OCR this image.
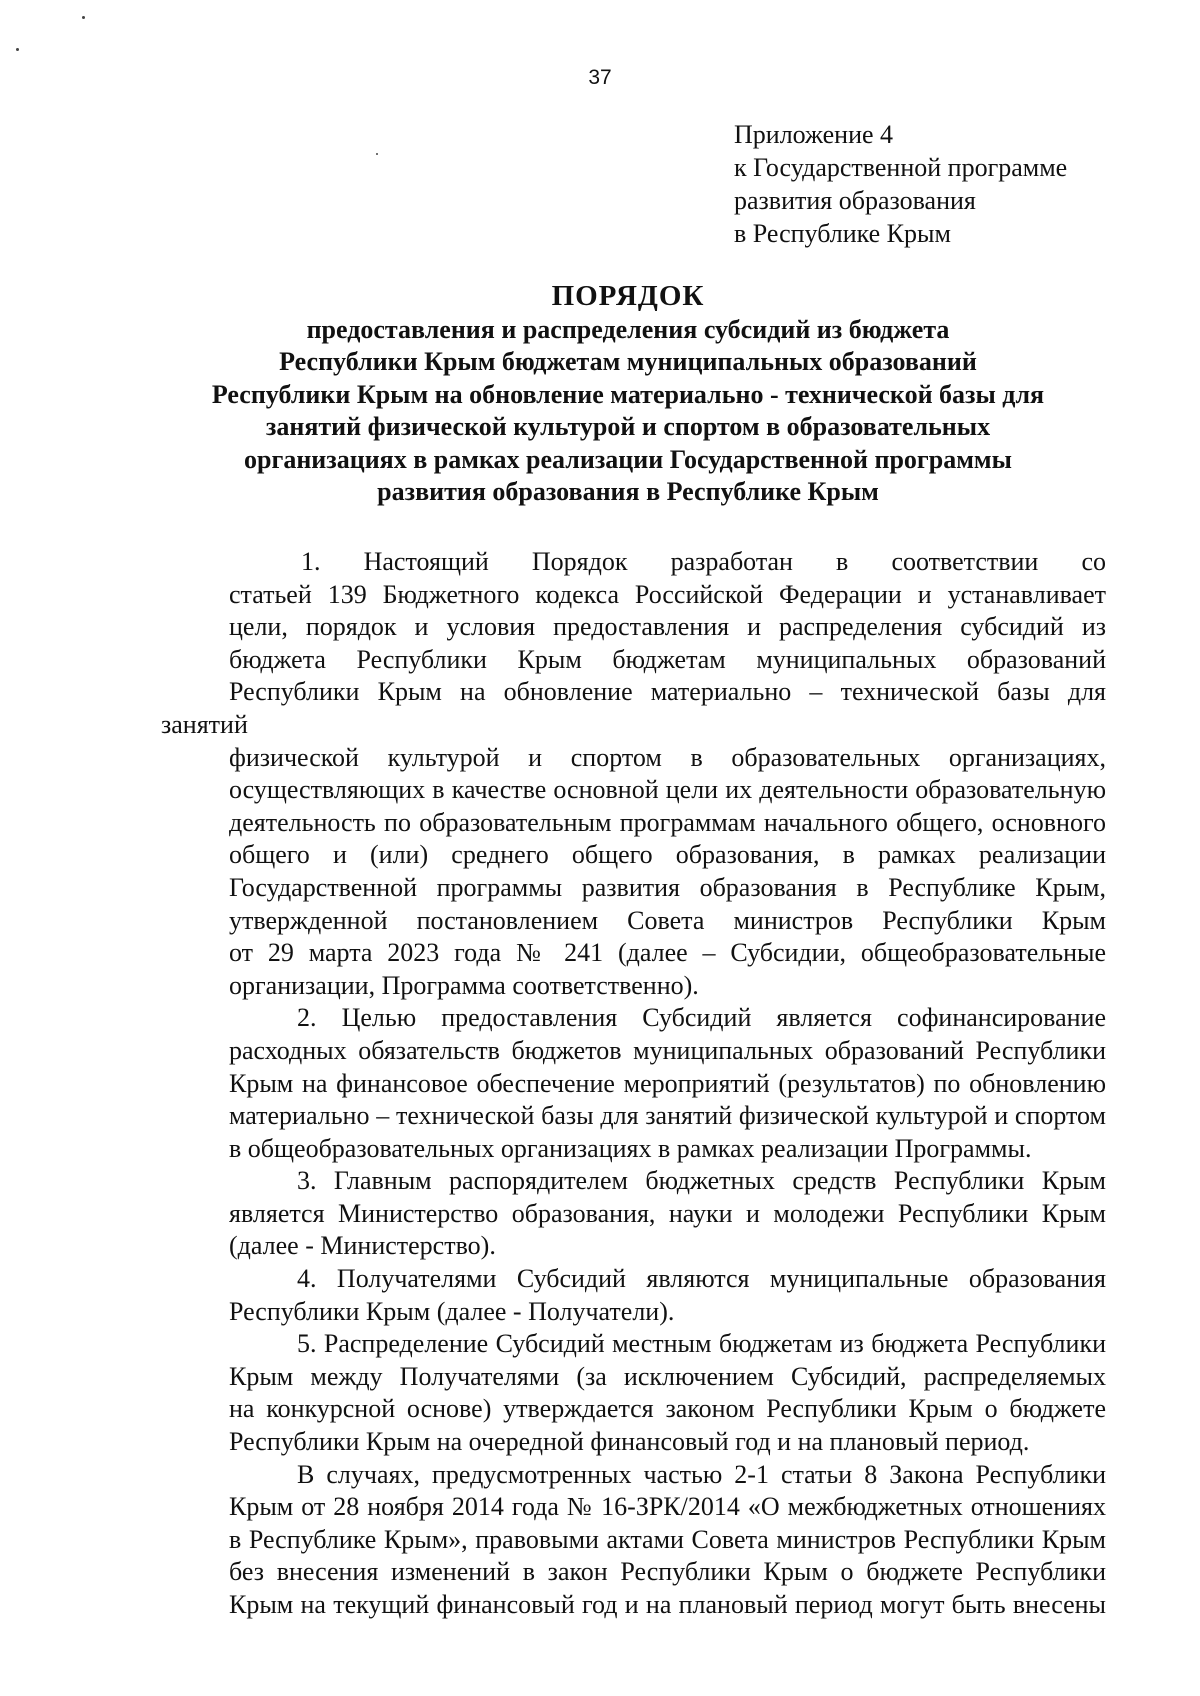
37
Приложение 4
к Государственной программе
развития образования
в Республике Крым
ПОРЯДОК
предоставления и распределения субсидий из бюджета
Республики Крым бюджетам муниципальных образований
Республики Крым на обновление материально - технической базы для
занятий физической культурой и спортом в образовательных
организациях в рамках реализации Государственной программы
развития образования в Республике Крым
1. Настоящий Порядок разработан в соответствии со
статьей 139 Бюджетного кодекса Российской Федерации и устанавливает
цели, порядок и условия предоставления и распределения субсидий из
бюджета Республики Крым бюджетам муниципальных образований
Республики Крым на обновление материально – технической базы для занятий
физической культурой и спортом в образовательных организациях,
осуществляющих в качестве основной цели их деятельности образовательную
деятельность по образовательным программам начального общего, основного
общего и (или) среднего общего образования, в рамках реализации
Государственной программы развития образования в Республике Крым,
утвержденной постановлением Совета министров Республики Крым
от 29 марта 2023 года № 241 (далее – Субсидии, общеобразовательные
организации, Программа соответственно).
2. Целью предоставления Субсидий является софинансирование
расходных обязательств бюджетов муниципальных образований Республики
Крым на финансовое обеспечение мероприятий (результатов) по обновлению
материально – технической базы для занятий физической культурой и спортом
в общеобразовательных организациях в рамках реализации Программы.
3. Главным распорядителем бюджетных средств Республики Крым
является Министерство образования, науки и молодежи Республики Крым
(далее - Министерство).
4. Получателями Субсидий являются муниципальные образования
Республики Крым (далее - Получатели).
5. Распределение Субсидий местным бюджетам из бюджета Республики
Крым между Получателями (за исключением Субсидий, распределяемых
на конкурсной основе) утверждается законом Республики Крым о бюджете
Республики Крым на очередной финансовый год и на плановый период.
В случаях, предусмотренных частью 2-1 статьи 8 Закона Республики
Крым от 28 ноября 2014 года № 16-ЗРК/2014 «О межбюджетных отношениях
в Республике Крым», правовыми актами Совета министров Республики Крым
без внесения изменений в закон Республики Крым о бюджете Республики
Крым на текущий финансовый год и на плановый период могут быть внесены
